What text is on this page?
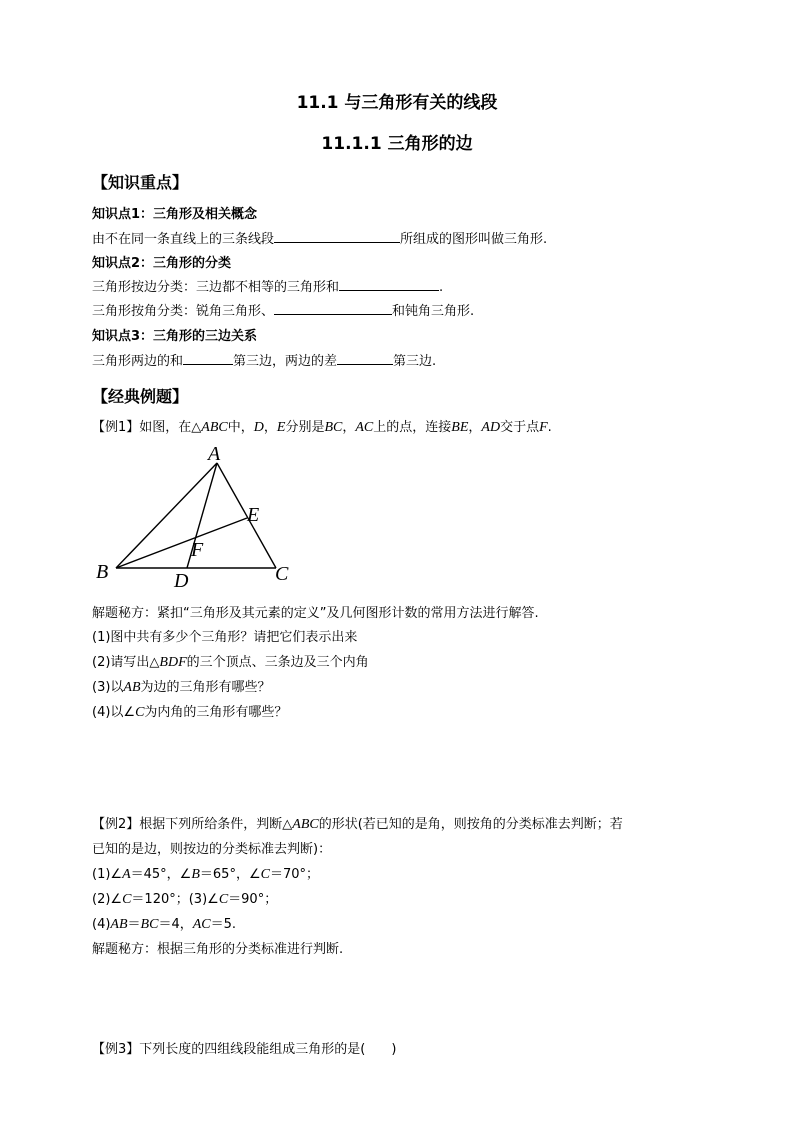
11.1 与三角形有关的线段
11.1.1 三角形的边
【知识重点】
知识点1：三角形及相关概念
由不在同一条直线上的三条线段	所组成的图形叫做三角形.
知识点2：三角形的分类
三角形按边分类：三边都不相等的三角形和	.
三角形按角分类：锐角三角形、	和钝角三角形.
知识点3：三角形的三边关系
三角形两边的和	第三边，两边的差	第三边.
【经典例题】
【例1】如图，在△ABC中，D，E分别是BC，AC上的点，连接BE，AD交于点F.
A
B	C
D
E
F
解题秘方：紧扣“三角形及其元素的定义”及几何图形计数的常用方法进行解答.
(1)图中共有多少个三角形？请把它们表示出来
(2)请写出△BDF的三个顶点、三条边及三个内角
(3)以AB为边的三角形有哪些？
(4)以∠C为内角的三角形有哪些？
【例2】根据下列所给条件，判断△ABC的形状(若已知的是角，则按角的分类标准去判断；若
已知的是边，则按边的分类标准去判断)：
(1)∠A＝45°，∠B＝65°，∠C＝70°；
(2)∠C＝120°；(3)∠C＝90°；
(4)AB＝BC＝4，AC＝5.
解题秘方：根据三角形的分类标准进行判断.
【例3】下列长度的四组线段能组成三角形的是(　　)
